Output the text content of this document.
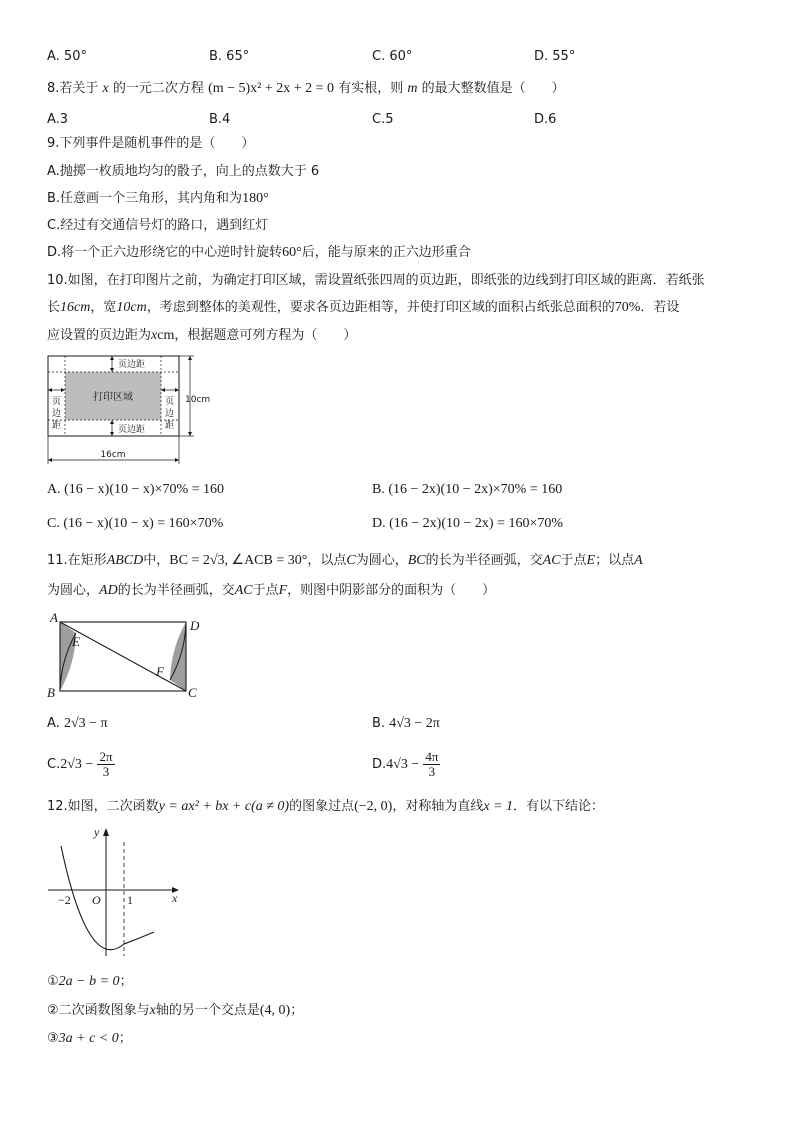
A. 50°	B. 65°	C. 60°	D. 55°
8.若关于 x 的一元二次方程 (m − 5)x² + 2x + 2 = 0 有实根，则 m 的最大整数值是（　　）
A.3	B.4	C.5	D.6
9.下列事件是随机事件的是（　　）
A.抛掷一枚质地均匀的骰子，向上的点数大于 6
B.任意画一个三角形，其内角和为180°
C.经过有交通信号灯的路口，遇到红灯
D.将一个正六边形绕它的中心逆时针旋转60°后，能与原来的正六边形重合
10.如图，在打印图片之前，为确定打印区域，需设置纸张四周的页边距，即纸张的边线到打印区域的距离．若纸张
长16cm，宽10cm，考虑到整体的美观性，要求各页边距相等，并使打印区域的面积占纸张总面积的70%．若设
应设置的页边距为xcm，根据题意可列方程为（　　）
页边距
页边距
页
边
距
页
边
距
打印区域	10cm
16cm
A. (16 − x)(10 − x)×70% = 160	B. (16 − 2x)(10 − 2x)×70% = 160
C. (16 − x)(10 − x) = 160×70%	D. (16 − 2x)(10 − 2x) = 160×70%
11.在矩形ABCD中，BC = 2√3, ∠ACB = 30°，以点C为圆心，BC的长为半径画弧，交AC于点E；以点A
为圆心，AD的长为半径画弧，交AC于点F，则图中阴影部分的面积为（　　）
A
B	C
D
E
F
A. 2√3 − π	B. 4√3 − 2π
$C.2√3 - \frac{2\pi}{3}$	$D.4√3 - \frac{4\pi}{3}$
12.如图，二次函数y = ax² + bx + c(a ≠ 0)的图象过点(−2, 0)，对称轴为直线x = 1．有以下结论：
x
y
−2 O 1
①2a − b = 0；
②二次函数图象与x轴的另一个交点是(4, 0)；
③3a + c < 0；
